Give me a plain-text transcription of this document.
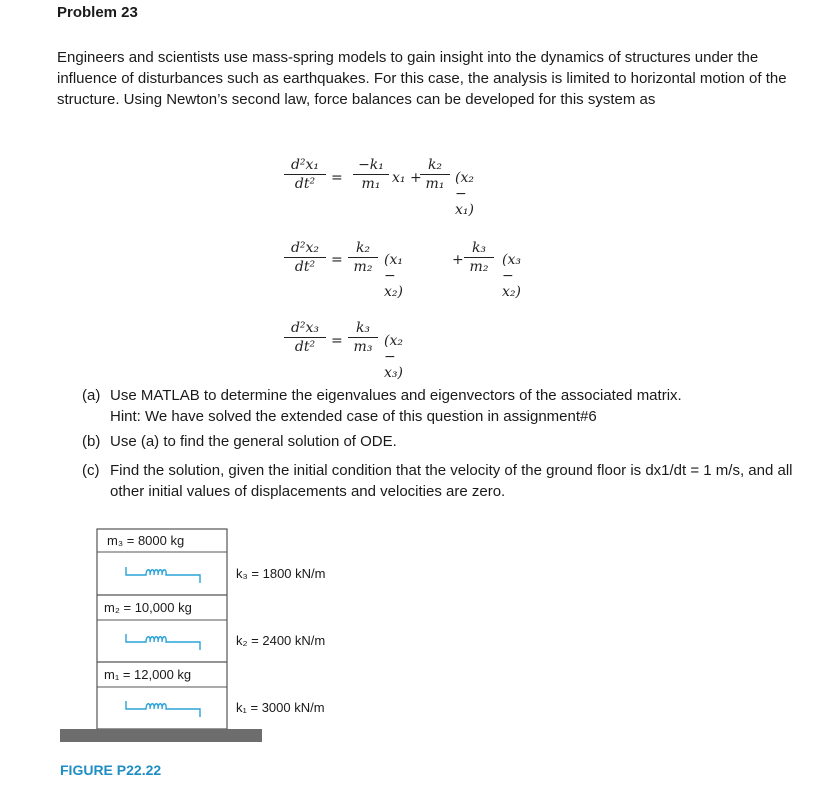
Problem 23
Engineers and scientists use mass-spring models to gain insight into the dynamics of structures under the influence of disturbances such as earthquakes. For this case, the analysis is limited to horizontal motion of the structure. Using Newton’s second law, force balances can be developed for this system as
d²x₁
dt²	=
−k₁
m₁ x₁ +
k₂
m₁ (x₂ − x₁)
d²x₂
dt²	=
k₂
m₂ (x₁ − x₂)
+
k₃
m₂ (x₃ − x₂)
d²x₃
dt²	=
k₃
m₃ (x₂ − x₃)
(a) Use MATLAB to determine the eigenvalues and eigenvectors of the associated matrix.
Hint: We have solved the extended case of this question in assignment#6
(b) Use (a) to find the general solution of ODE.
(c) Find the solution, given the initial condition that the velocity of the ground floor is dx1/dt = 1 m/s, and all other initial values of displacements and velocities are zero.
m₃ = 8000 kg
m₂ = 10,000 kg
m₁ = 12,000 kg
k₃ = 1800 kN/m
k₂ = 2400 kN/m
k₁ = 3000 kN/m
FIGURE P22.22
